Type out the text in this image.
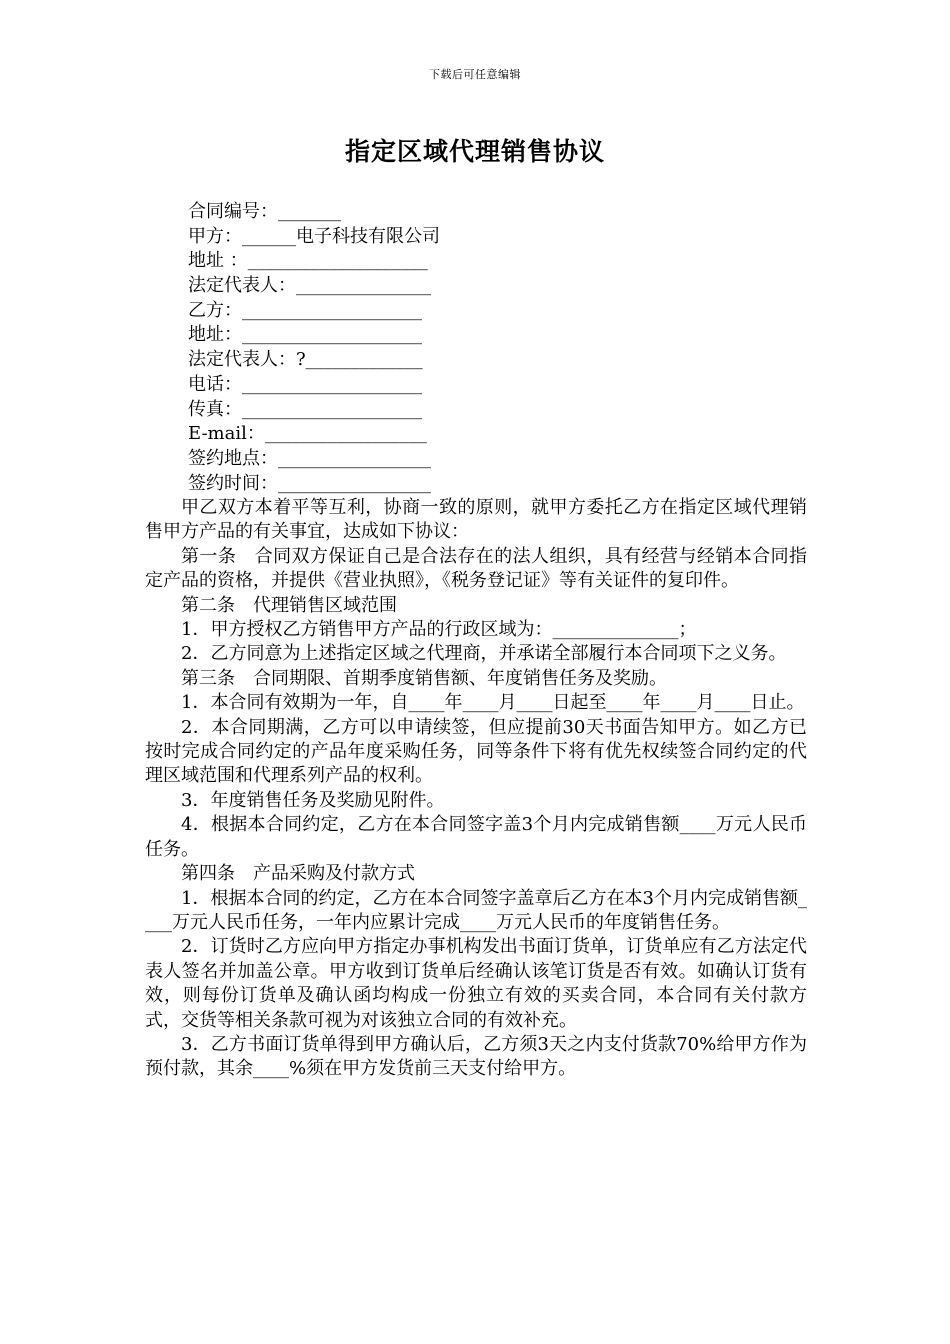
下载后可任意编辑
指定区域代理销售协议
合同编号：_______
甲方：______电子科技有限公司
地址 ：____________________
法定代表人：_______________
乙方：____________________
地址：____________________
法定代表人：?_____________
电话：____________________
传真：____________________
E-mail：__________________
签约地点：_________________
签约时间：_________________

甲乙双方本着平等互利，协商一致的原则，就甲方委托乙方在指定区域代理销售甲方产品的有关事宜，达成如下协议：

第一条　合同双方保证自己是合法存在的法人组织，具有经营与经销本合同指定产品的资格，并提供《营业执照》，《税务登记证》等有关证件的复印件。

第二条　代理销售区域范围

1．甲方授权乙方销售甲方产品的行政区域为：______________；

2．乙方同意为上述指定区域之代理商，并承诺全部履行本合同项下之义务。

第三条　合同期限、首期季度销售额、年度销售任务及奖励。

1．本合同有效期为一年，自____年____月____日起至____年____月____日止。

2．本合同期满，乙方可以申请续签，但应提前30天书面告知甲方。如乙方已按时完成合同约定的产品年度采购任务，同等条件下将有优先权续签合同约定的代理区域范围和代理系列产品的权利。

3．年度销售任务及奖励见附件。

4．根据本合同约定，乙方在本合同签字盖3个月内完成销售额____万元人民币任务。

第四条　产品采购及付款方式

1．根据本合同的约定，乙方在本合同签字盖章后乙方在本3个月内完成销售额____万元人民币任务，一年内应累计完成____万元人民币的年度销售任务。

2．订货时乙方应向甲方指定办事机构发出书面订货单，订货单应有乙方法定代表人签名并加盖公章。甲方收到订货单后经确认该笔订货是否有效。如确认订货有效，则每份订货单及确认函均构成一份独立有效的买卖合同，本合同有关付款方式，交货等相关条款可视为对该独立合同的有效补充。

3．乙方书面订货单得到甲方确认后，乙方须3天之内支付货款70%给甲方作为预付款，其余____%须在甲方发货前三天支付给甲方。
